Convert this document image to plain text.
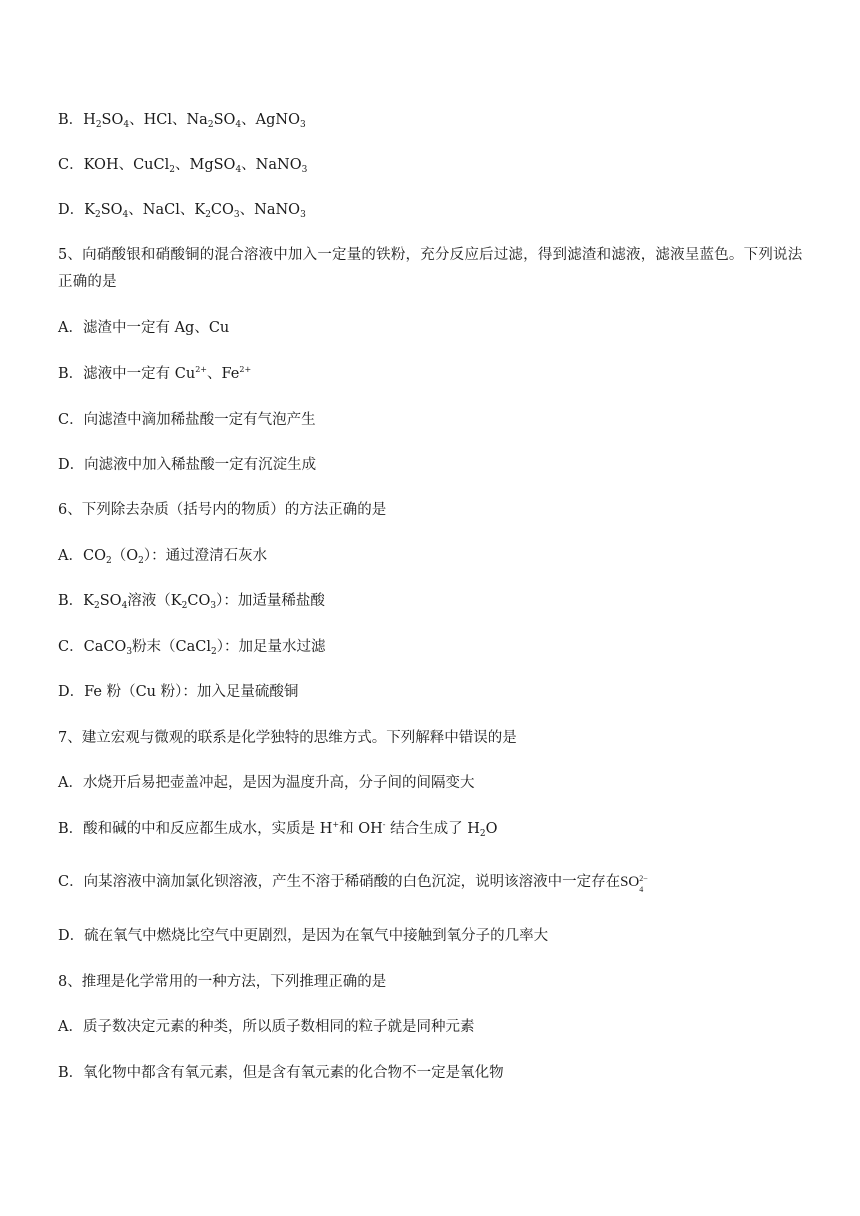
B．$H_2SO_4$、HCl、$Na_2SO_4$、AgNO$_3$
C．KOH、CuCl$_2$、MgSO$_4$、NaNO$_3$
D．$K_2SO_4$、NaCl、$K_2CO_3$、NaNO$_3$
5、向硝酸银和硝酸铜的混合溶液中加入一定量的铁粉，充分反应后过滤，得到滤渣和滤液，滤液呈蓝色。下列说法正确的是
A．滤渣中一定有 Ag、Cu
B．滤液中一定有 $Cu^{2+}$、$Fe^{2+}$
C．向滤渣中滴加稀盐酸一定有气泡产生
D．向滤液中加入稀盐酸一定有沉淀生成
6、下列除去杂质（括号内的物质）的方法正确的是
A．$CO_2(O_2)$：通过澄清石灰水
B．$K_2SO_4$溶液$(K_2CO_3)$：加适量稀盐酸
C．CaCO$_3$粉末（CaCl$_2$）：加足量水过滤
D．Fe 粉（Cu 粉）：加入足量硫酸铜
7、建立宏观与微观的联系是化学独特的思维方式。下列解释中错误的是
A．水烧开后易把壶盖冲起，是因为温度升高，分子间的间隔变大
B．酸和碱的中和反应都生成水，实质是 H+和 OH- 结合生成了 $H_2O$
C．向某溶液中滴加氯化钡溶液，产生不溶于稀硝酸的白色沉淀，说明该溶液中一定存在SO 2−
4
D．硫在氧气中燃烧比空气中更剧烈，是因为在氧气中接触到氧分子的几率大
8、推理是化学常用的一种方法，下列推理正确的是
A．质子数决定元素的种类，所以质子数相同的粒子就是同种元素
B．氧化物中都含有氧元素，但是含有氧元素的化合物不一定是氧化物
